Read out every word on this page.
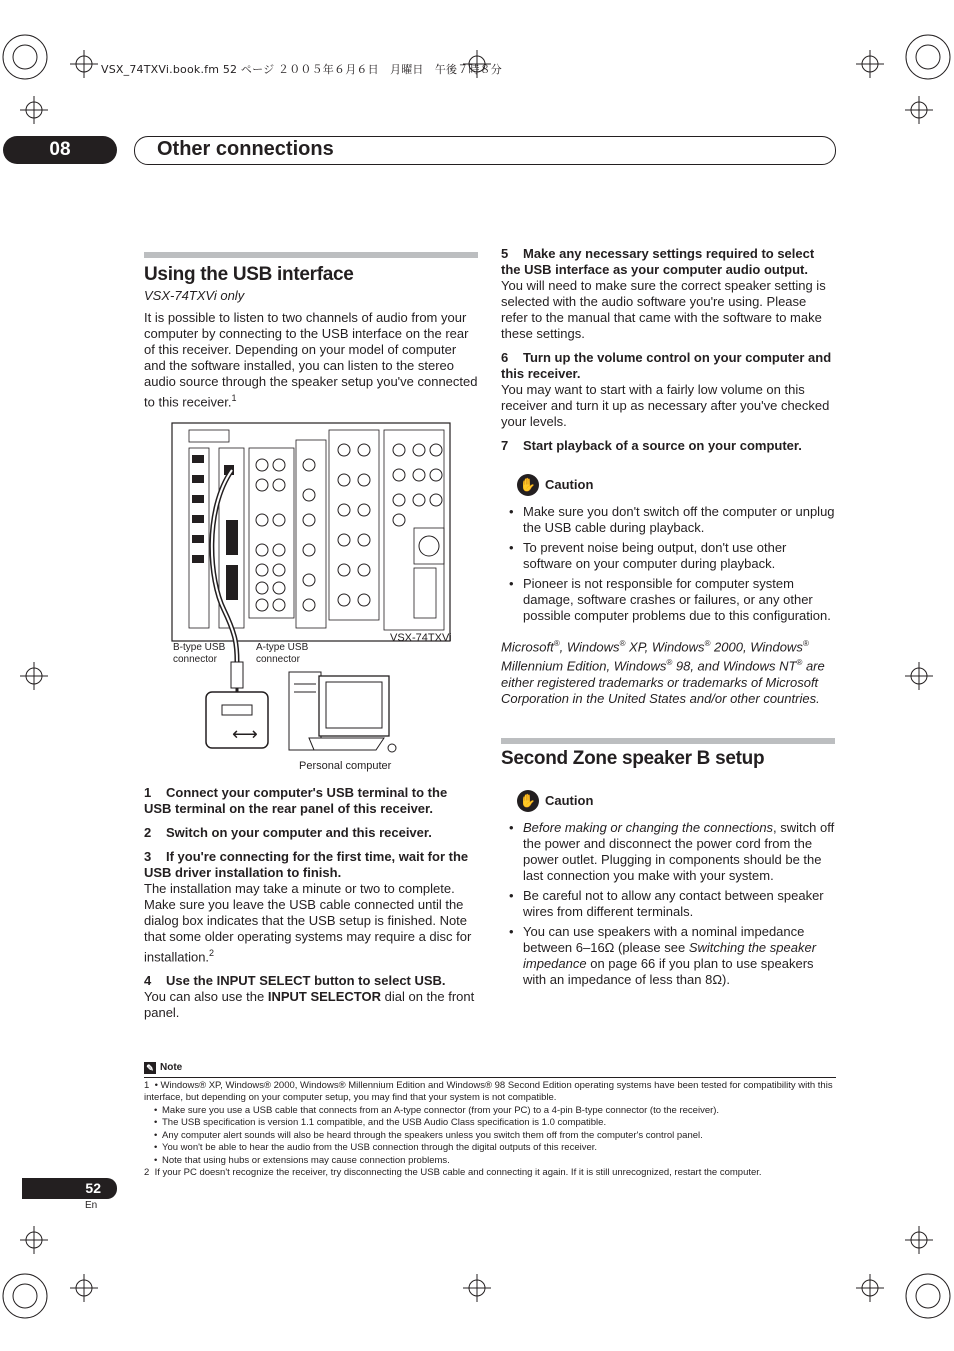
VSX_74TXVi.book.fm 52 ページ ２００５年６月６日　月曜日　午後７時８分
08	Other connections
Using the USB interface

VSX-74TXVi only

It is possible to listen to two channels of audio from your computer by connecting to the USB interface on the rear of this receiver. Depending on your model of computer and the software installed, you can listen to the stereo audio source through the speaker setup you've connected to this receiver.$^1$

⟷
VSX-74TXVi
B-type USB connector
A-type USB connector
Personal computer

1 Connect your computer's USB terminal to the USB terminal on the rear panel of this receiver.

2 Switch on your computer and this receiver.

3 If you're connecting for the first time, wait for the USB driver installation to finish.

The installation may take a minute or two to complete. Make sure you leave the USB cable connected until the dialog box indicates that the USB setup is finished. Note that some older operating systems may require a disc for installation.$^2$

4 Use the INPUT SELECT button to select USB.

You can also use the INPUT SELECTOR dial on the front panel.

5 Make any necessary settings required to select the USB interface as your computer audio output.

You will need to make sure the correct speaker setting is selected with the audio software you're using. Please refer to the manual that came with the software to make these settings.

6 Turn up the volume control on your computer and this receiver.

You may want to start with a fairly low volume on this receiver and turn it up as necessary after you've checked your levels.

7 Start playback of a source on your computer.

✋ Caution
• Make sure you don't switch off the computer or unplug the USB cable during playback.
• To prevent noise being output, don't use other software on your computer during playback.
• Pioneer is not responsible for computer system damage, software crashes or failures, or any other possible computer problems due to this configuration.

Microsoft®, Windows® XP, Windows® 2000, Windows® Millennium Edition, Windows® 98, and Windows NT® are either registered trademarks or trademarks of Microsoft Corporation in the United States and/or other countries.

Second Zone speaker B setup
✋ Caution
• Before making or changing the connections, switch off the power and disconnect the power cord from the power outlet. Plugging in components should be the last connection you make with your system.
• Be careful not to allow any contact between speaker wires from different terminals.
• You can use speakers with a nominal impedance between 6–16Ω (please see Switching the speaker impedance on page 66 if you plan to use speakers with an impedance of less than 8Ω).
✎ Note

1  • Windows® XP, Windows® 2000, Windows® Millennium Edition and Windows® 98 Second Edition operating systems have been tested for compatibility with this interface, but depending on your computer setup, you may find that your system is not compatible.

• Make sure you use a USB cable that connects from an A-type connector (from your PC) to a 4-pin B-type connector (to the receiver).
• The USB specification is version 1.1 compatible, and the USB Audio Class specification is 1.0 compatible.
• Any computer alert sounds will also be heard through the speakers unless you switch them off from the computer's control panel.
• You won't be able to hear the audio from the USB connection through the digital outputs of this receiver.
• Note that using hubs or extensions may cause connection problems.

2 If your PC doesn't recognize the receiver, try disconnecting the USB cable and connecting it again. If it is still unrecognized, restart the computer.

52
En
